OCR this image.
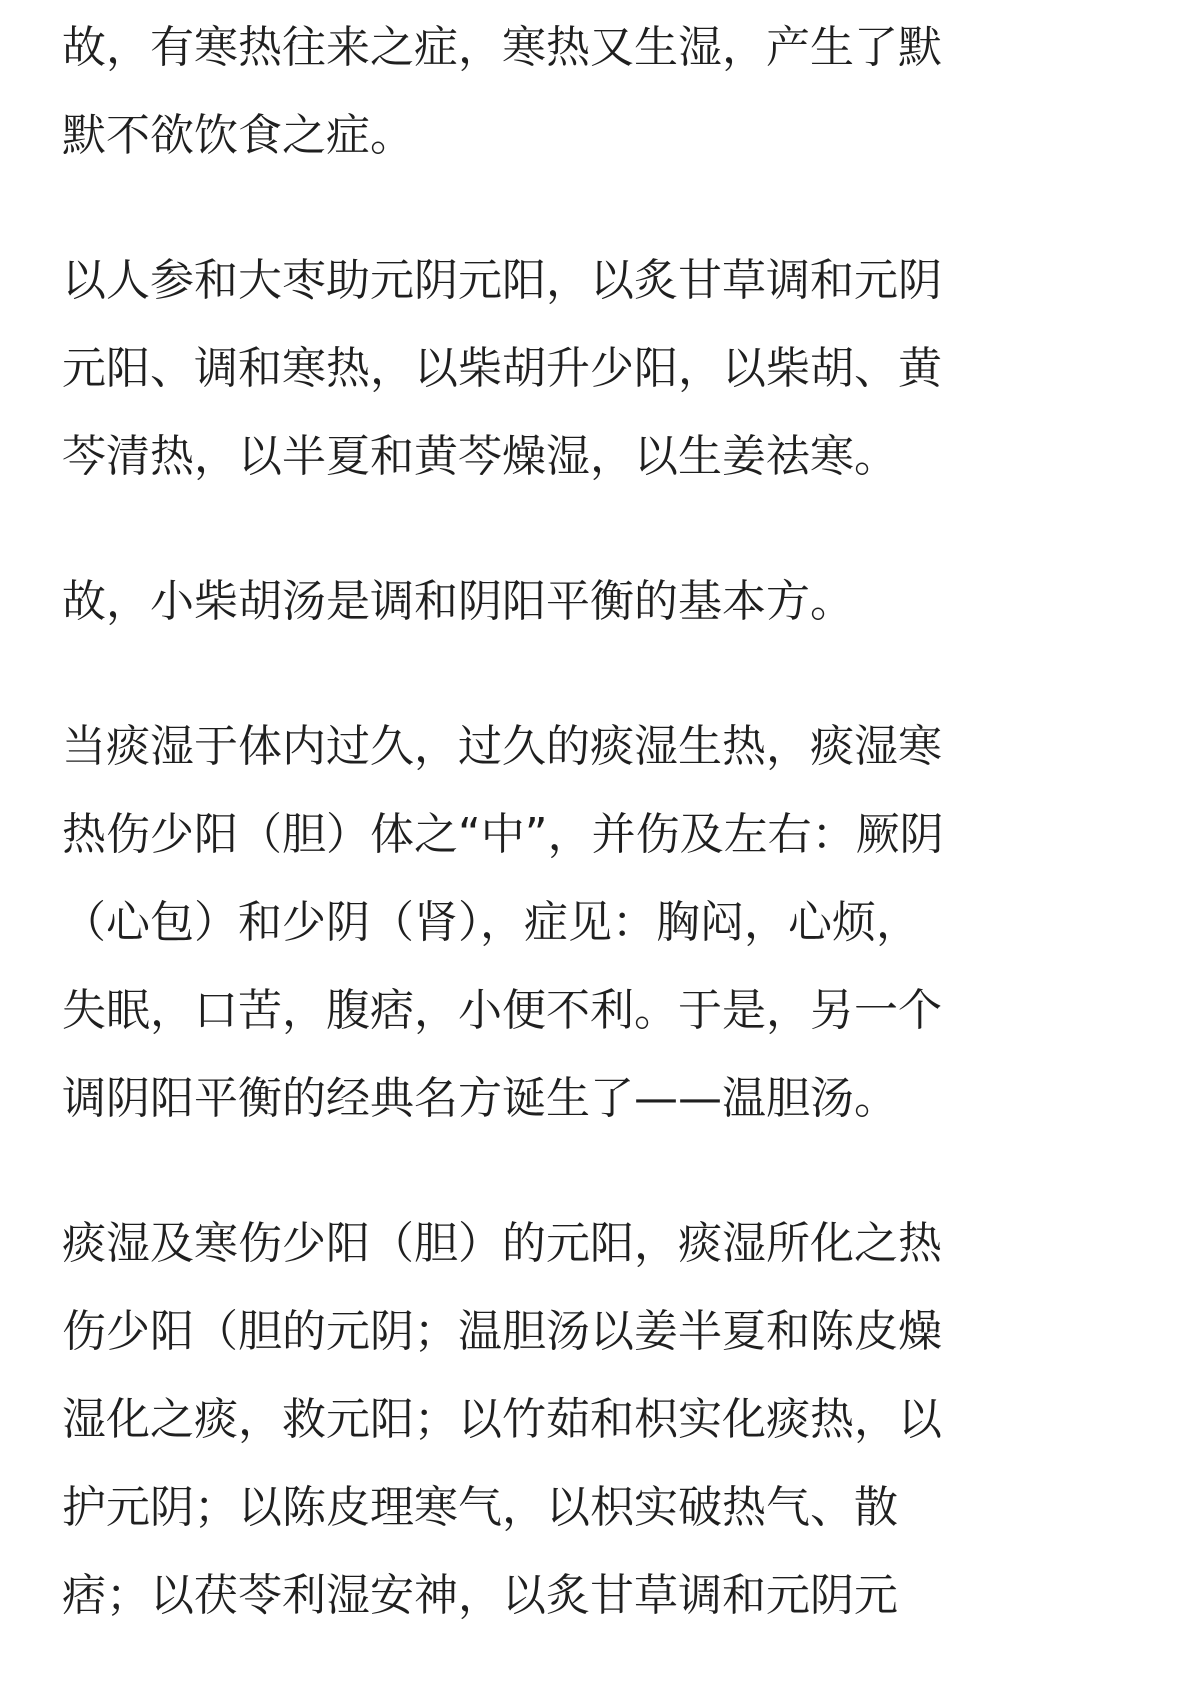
故，有寒热往来之症，寒热又生湿，产生了默
默不欲饮食之症。
以人参和大枣助元阴元阳，以炙甘草调和元阴
元阳、调和寒热，以柴胡升少阳，以柴胡、黄
芩清热，以半夏和黄芩燥湿，以生姜祛寒。
故，小柴胡汤是调和阴阳平衡的基本方。
当痰湿于体内过久，过久的痰湿生热，痰湿寒
热伤少阳（胆）体之“中”，并伤及左右：厥阴
（心包）和少阴（肾），症见：胸闷，心烦，
失眠，口苦，腹痞，小便不利。于是，另一个
调阴阳平衡的经典名方诞生了——温胆汤。
痰湿及寒伤少阳（胆）的元阳，痰湿所化之热
伤少阳（胆的元阴；温胆汤以姜半夏和陈皮燥
湿化之痰，救元阳；以竹茹和枳实化痰热，以
护元阴；以陈皮理寒气，以枳实破热气、散
痞；以茯苓利湿安神，以炙甘草调和元阴元
